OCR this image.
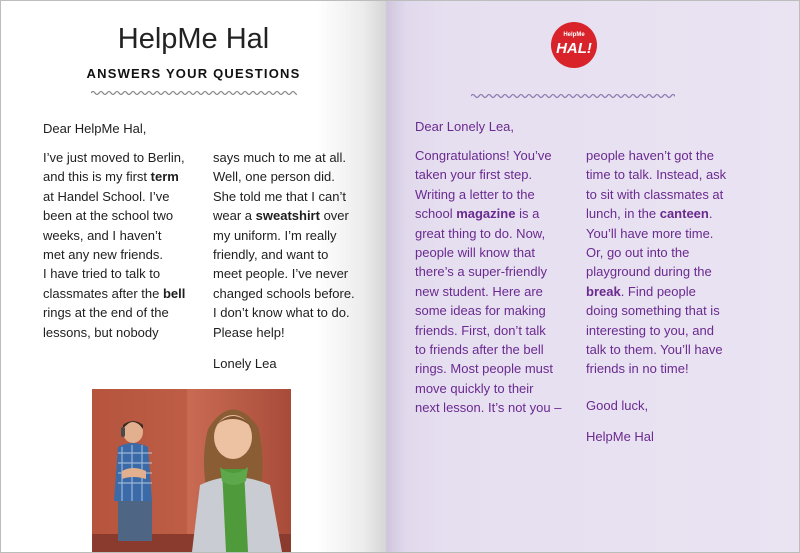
HelpMe Hal
ANSWERS YOUR QUESTIONS

Dear HelpMe Hal,

I’ve just moved to Berlin,

and this is my first term

at Handel School. I’ve

been at the school two

weeks, and I haven’t

met any new friends.

I have tried to talk to

classmates after the bell

rings at the end of the

lessons, but nobody

says much to me at all.

Well, one person did.

She told me that I can’t

wear a sweatshirt over

my uniform. I’m really

friendly, and want to

meet people. I’ve never

changed schools before.

I don’t know what to do.

Please help!

Lonely Lea

HelpMe
HAL!

Dear Lonely Lea,

Congratulations! You’ve

taken your first step.

Writing a letter to the

school magazine is a

great thing to do. Now,

people will know that

there’s a super-friendly

new student. Here are

some ideas for making

friends. First, don’t talk

to friends after the bell

rings. Most people must

move quickly to their

next lesson. It’s not you –

people haven’t got the

time to talk. Instead, ask

to sit with classmates at

lunch, in the canteen.

You’ll have more time.

Or, go out into the

playground during the

break. Find people

doing something that is

interesting to you, and

talk to them. You’ll have

friends in no time!

Good luck,

HelpMe Hal
